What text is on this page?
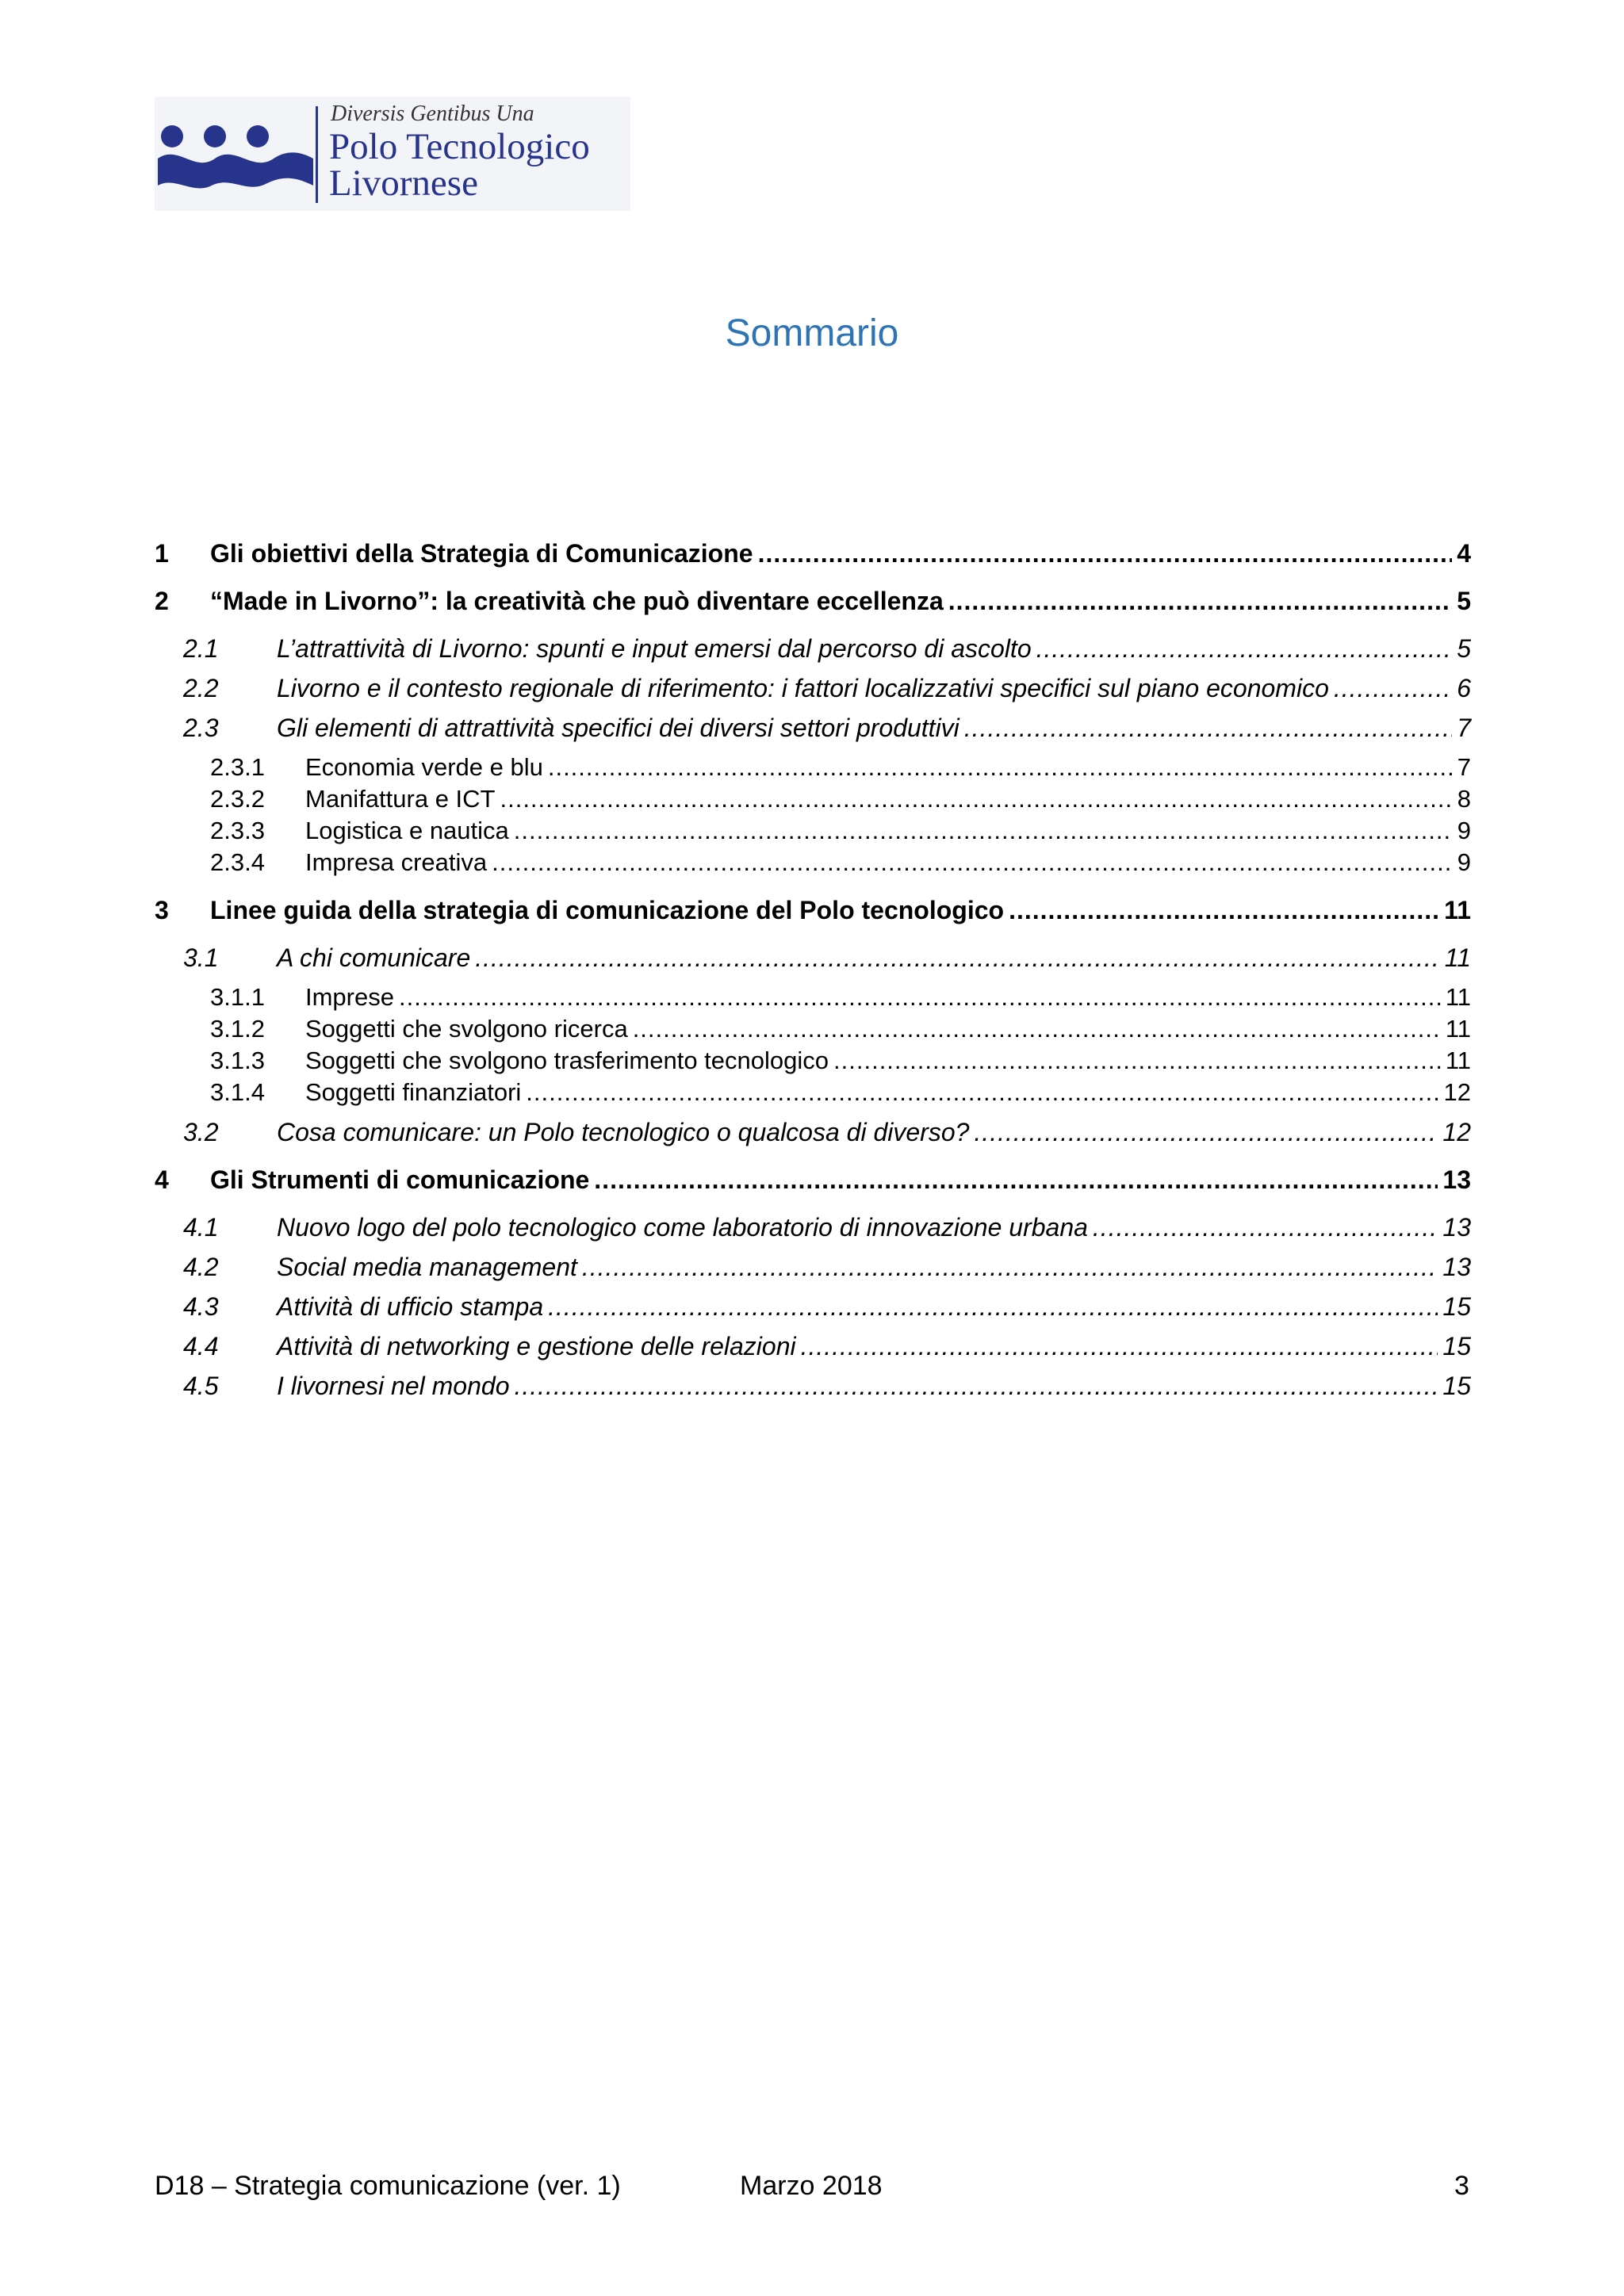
Diversis Gentibus Una
Polo Tecnologico
Livornese
Sommario
1	Gli obiettivi della Strategia di Comunicazione .....	4
2	“Made in Livorno”: la creatività che può diventare eccellenza .....	5
2.1	L’attrattività di Livorno: spunti e input emersi dal percorso di ascolto .....	5
2.2	Livorno e il contesto regionale di riferimento: i fattori localizzativi specifici sul piano economico .....	6
2.3	Gli elementi di attrattività specifici dei diversi settori produttivi .....	7
2.3.1	Economia verde e blu .....	7
2.3.2	Manifattura e ICT .....	8
2.3.3	Logistica e nautica .....	9
2.3.4	Impresa creativa .....	9
3	Linee guida della strategia di comunicazione del Polo tecnologico .....	11
3.1	A chi comunicare .....	11
3.1.1	Imprese .....	11
3.1.2	Soggetti che svolgono ricerca .....	11
3.1.3	Soggetti che svolgono trasferimento tecnologico .....	11
3.1.4	Soggetti finanziatori .....	12
3.2	Cosa comunicare: un Polo tecnologico o qualcosa di diverso? .....	12
4	Gli Strumenti di comunicazione .....	13
4.1	Nuovo logo del polo tecnologico come laboratorio di innovazione urbana .....	13
4.2	Social media management .....	13
4.3	Attività di ufficio stampa .....	15
4.4	Attività di networking e gestione delle relazioni .....	15
4.5	I livornesi nel mondo .....	15
D18 – Strategia comunicazione (ver. 1)	Marzo 2018	3
